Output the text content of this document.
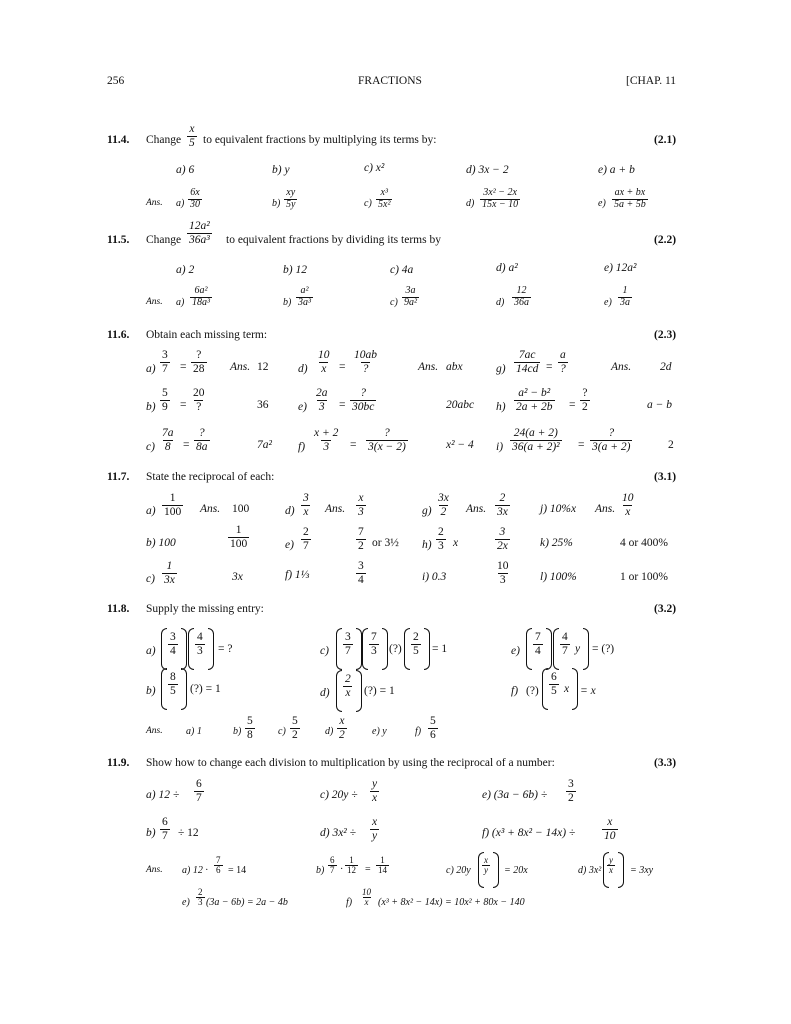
256	FRACTIONS	[CHAP. 11
11.4. Change
x
5 to equivalent fractions by multiplying its terms by:	(2.1)
a) 6	b) y	c) x²	d) 3x − 2	e) a + b
Ans. a)
6x
30	b)
xy
5y	c)
x³
5x²	d)
3x² − 2x
15x − 10	e)
ax + bx
5a + 5b
11.5. Change
12a²
36a³ to equivalent fractions by dividing its terms by	(2.2)
a) 2	b) 12	c) 4a	d) a²	e) 12a²
Ans. a)
6a²
18a³	b)
a²
3a³	c)
3a
9a²	d)
12
36a	e)
1
3a
11.6. Obtain each missing term:	(2.3)
a)
3
7 =
?
28 Ans. 12	d)
10
x =
10ab
?	Ans. abx	g)
7ac
14cd =
a
?	Ans.	2d
b)
5
9 =
20
?	36	e)
2a
3 =
?
30bc	20abc h)
a² − b²
2a + 2b =
?
2	a − b
c)
7a
8 =
?
8a	7a² f)
x + 2
3 =
?
3(x − 2)	x² − 4 i)
24(a + 2)
36(a + 2)² =
?
3(a + 2)	2
11.7. State the reciprocal of each:	(3.1)
a)
1
100 Ans. 100
b) 100
1
100
c)
1
3x	3x
d)
3
x Ans.
x
3
e)
2
7
7
2 or 3½
f) 1⅓
3
4
g)
3x
2 Ans.
2
3x
h)
2
3 x
3
2x
i) 0.3
10
3
j) 10%x Ans.
10
x
k) 25%	4 or 400%
l) 100%	1 or 100%
11.8. Supply the missing entry:	(3.2)
a)
3
4
4
3 = ?
b)
8
5 (?) = 1
c)
3
7
7
3 (?)
2
5 = 1
d)
2
x (?) = 1
e)
7
4
4
7 y = (?)
f) (?)
6
5 x = x
Ans. a) 1	b)
5
8	c)
5
2	d)
x
2	e) y	f)
5
6
11.9. Show how to change each division to multiplication by using the reciprocal of a number:	(3.3)
a) 12 ÷
6
7
b)
6
7 ÷ 12
c) 20y ÷
y
x
d) 3x² ÷
x
y
e) (3a − 6b) ÷
3
2
f) (x³ + 8x² − 14x) ÷
x
10
Ans. a) 12 ·
7
6 = 14	b)
6
7 ·
1
12 =
1
14	c) 20y
x
y = 20x	d) 3x²
y
x = 3xy
e)
2
3 (3a − 6b) = 2a − 4b	f)
10
x (x³ + 8x² − 14x) = 10x² + 80x − 140
